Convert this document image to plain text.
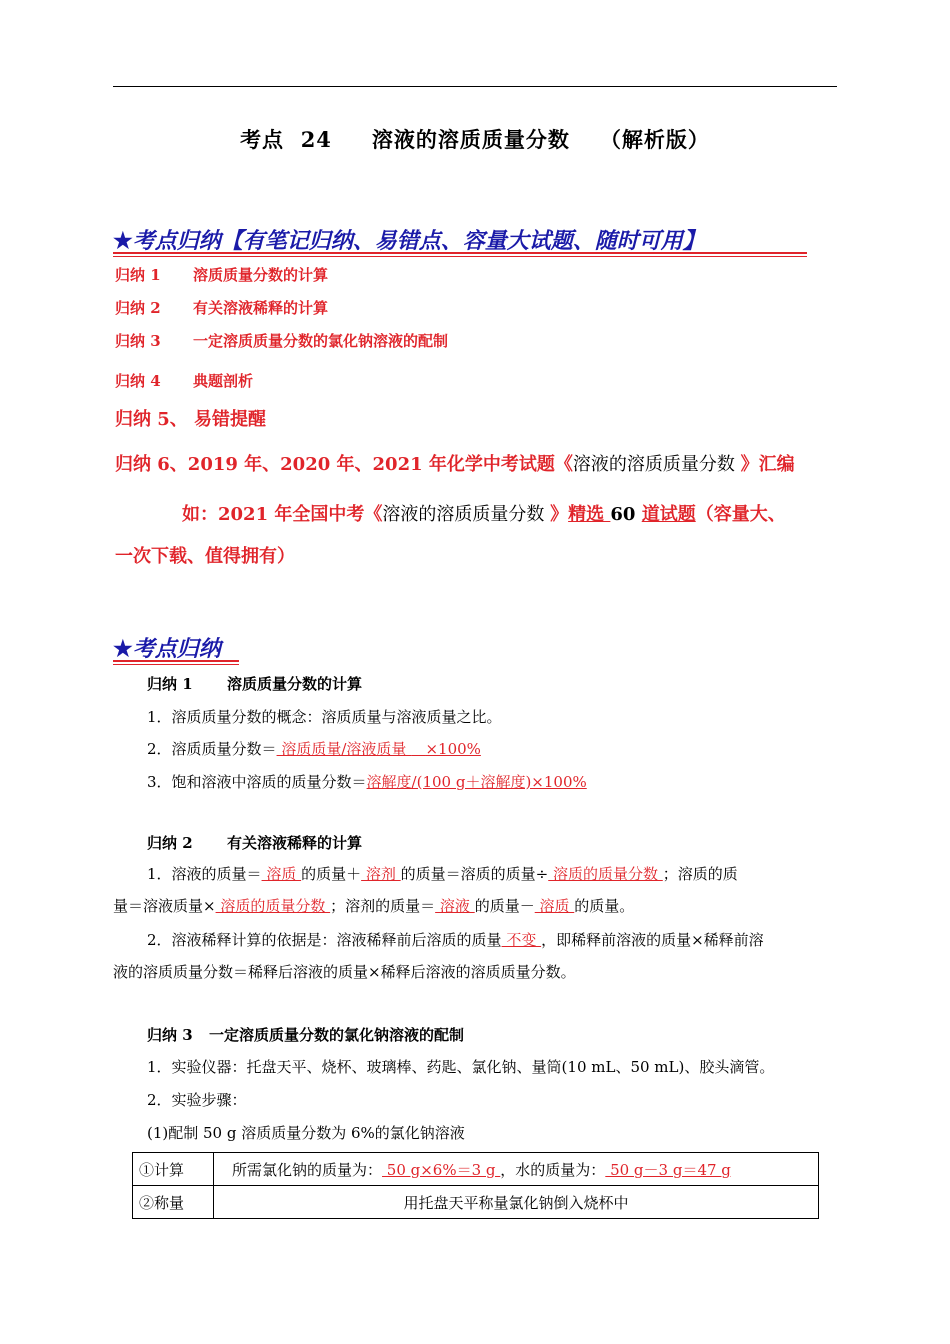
考点 24 溶液的溶质质量分数 （解析版）
★考点归纳【有笔记归纳、易错点、容量大试题、随时可用】
归纳 1 溶质质量分数的计算
归纳 2 有关溶液稀释的计算
归纳 3 一定溶质质量分数的氯化钠溶液的配制
归纳 4 典题剖析
归纳 5、 易错提醒
归纳 6、2019 年、2020 年、2021 年化学中考试题《溶液的溶质质量分数 》汇编
如：2021 年全国中考《溶液的溶质质量分数 》精选 60 道试题（容量大、
一次下载、值得拥有）
★考点归纳
归纳 1 溶质质量分数的计算
1．溶质质量分数的概念：溶质质量与溶液质量之比。
2．溶质质量分数＝ 溶质质量/溶液质量    ×100%
3．饱和溶液中溶质的质量分数＝溶解度/(100 g＋溶解度)×100%
归纳 2 有关溶液稀释的计算
1．溶液的质量＝ 溶质 的质量＋ 溶剂 的质量＝溶质的质量÷ 溶质的质量分数 ；溶质的质
量＝溶液质量× 溶质的质量分数 ；溶剂的质量＝ 溶液 的质量－ 溶质 的质量。
2．溶液稀释计算的依据是：溶液稀释前后溶质的质量 不变 ，即稀释前溶液的质量×稀释前溶
液的溶质质量分数＝稀释后溶液的质量×稀释后溶液的溶质质量分数。
归纳 3 一定溶质质量分数的氯化钠溶液的配制
1．实验仪器：托盘天平、烧杯、玻璃棒、药匙、氯化钠、量筒(10 mL、50 mL)、胶头滴管。
2．实验步骤：
(1)配制 50 g 溶质质量分数为 6%的氯化钠溶液
①计算	所需氯化钠的质量为： 50 g×6%＝3 g ，水的质量为： 50 g－3 g＝47 g
②称量	用托盘天平称量氯化钠倒入烧杯中
